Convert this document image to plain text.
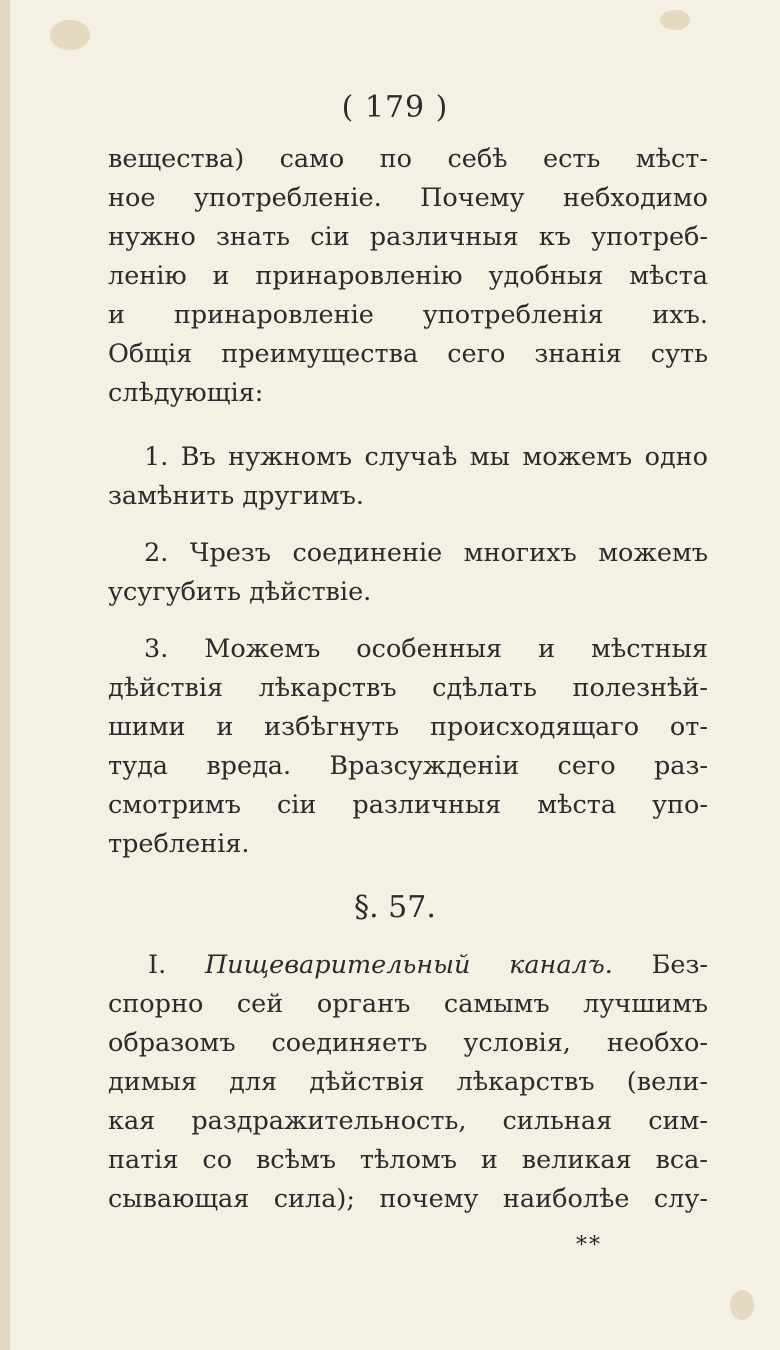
( 179 )
вещества) само по себѣ есть мѣст-
ное употребленіе. Почему небходимо
нужно знать сіи различныя къ употреб-
ленію и принаровленію удобныя мѣста
и принаровленіе употребленія ихъ.
Общія преимущества сего знанія суть
слѣдующія:
1. Въ нужномъ случаѣ мы можемъ одно
замѣнить другимъ.
2. Чрезъ соединеніе многихъ можемъ
усугубить дѣйствіе.
3. Можемъ особенныя и мѣстныя
дѣйствія лѣкарствъ сдѣлать полезнѣй-
шими и избѣгнуть происходящаго от-
туда вреда. Вразсужденіи сего раз-
смотримъ сіи различныя мѣста упо-
требленія.
§. 57.
I. Пищеварительный каналъ. Без-
спорно сей органъ самымъ лучшимъ
образомъ соединяетъ условія, необхо-
димыя для дѣйствія лѣкарствъ (вели-
кая раздражительность, сильная сим-
патія со всѣмъ тѣломъ и великая вса-
сывающая сила); почему наиболѣе слу-
**
